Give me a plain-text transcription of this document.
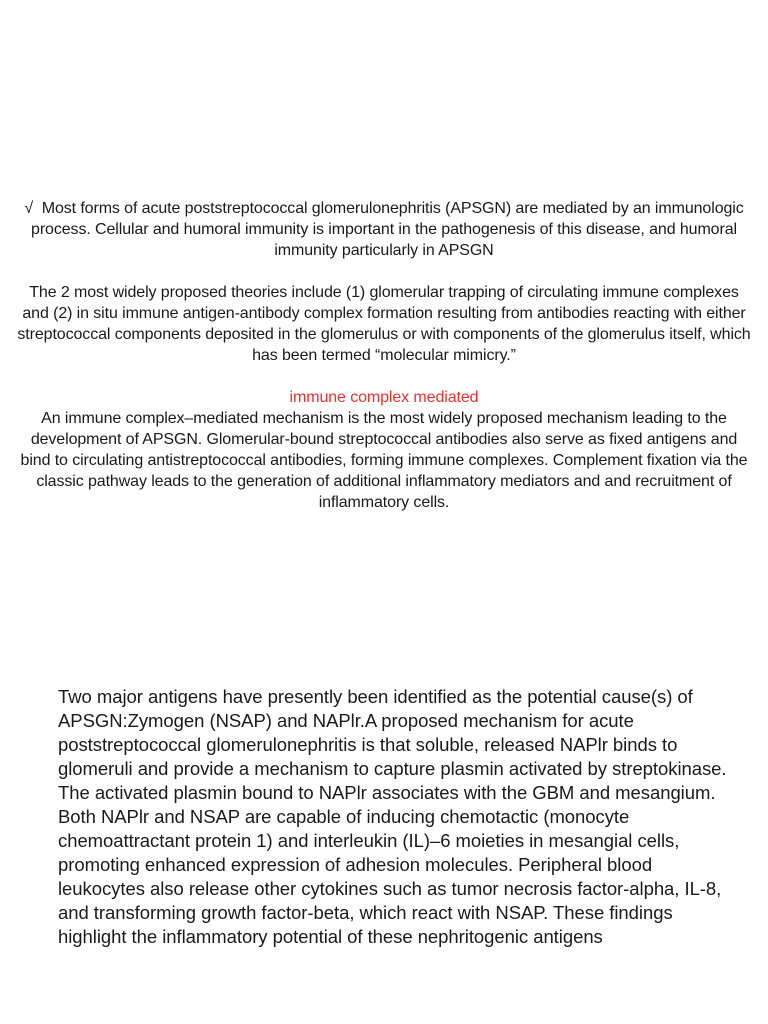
√ Most forms of acute poststreptococcal glomerulonephritis (APSGN) are mediated by an immunologic process. Cellular and humoral immunity is important in the pathogenesis of this disease, and humoral immunity particularly in APSGN

The 2 most widely proposed theories include (1) glomerular trapping of circulating immune complexes and (2) in situ immune antigen-antibody complex formation resulting from antibodies reacting with either streptococcal components deposited in the glomerulus or with components of the glomerulus itself, which has been termed “molecular mimicry.”

immune complex mediated

An immune complex–mediated mechanism is the most widely proposed mechanism leading to the development of APSGN. Glomerular-bound streptococcal antibodies also serve as fixed antigens and bind to circulating antistreptococcal antibodies, forming immune complexes. Complement fixation via the classic pathway leads to the generation of additional inflammatory mediators and and recruitment of inflammatory cells.

Two major antigens have presently been identified as the potential cause(s) of APSGN:Zymogen (NSAP) and NAPlr.A proposed mechanism for acute poststreptococcal glomerulonephritis is that soluble, released NAPlr binds to glomeruli and provide a mechanism to capture plasmin activated by streptokinase. The activated plasmin bound to NAPlr associates with the GBM and mesangium. Both NAPlr and NSAP are capable of inducing chemotactic (monocyte chemoattractant protein 1) and interleukin (IL)–6 moieties in mesangial cells, promoting enhanced expression of adhesion molecules. Peripheral blood leukocytes also release other cytokines such as tumor necrosis factor-alpha, IL-8, and transforming growth factor-beta, which react with NSAP. These findings highlight the inflammatory potential of these nephritogenic antigens
